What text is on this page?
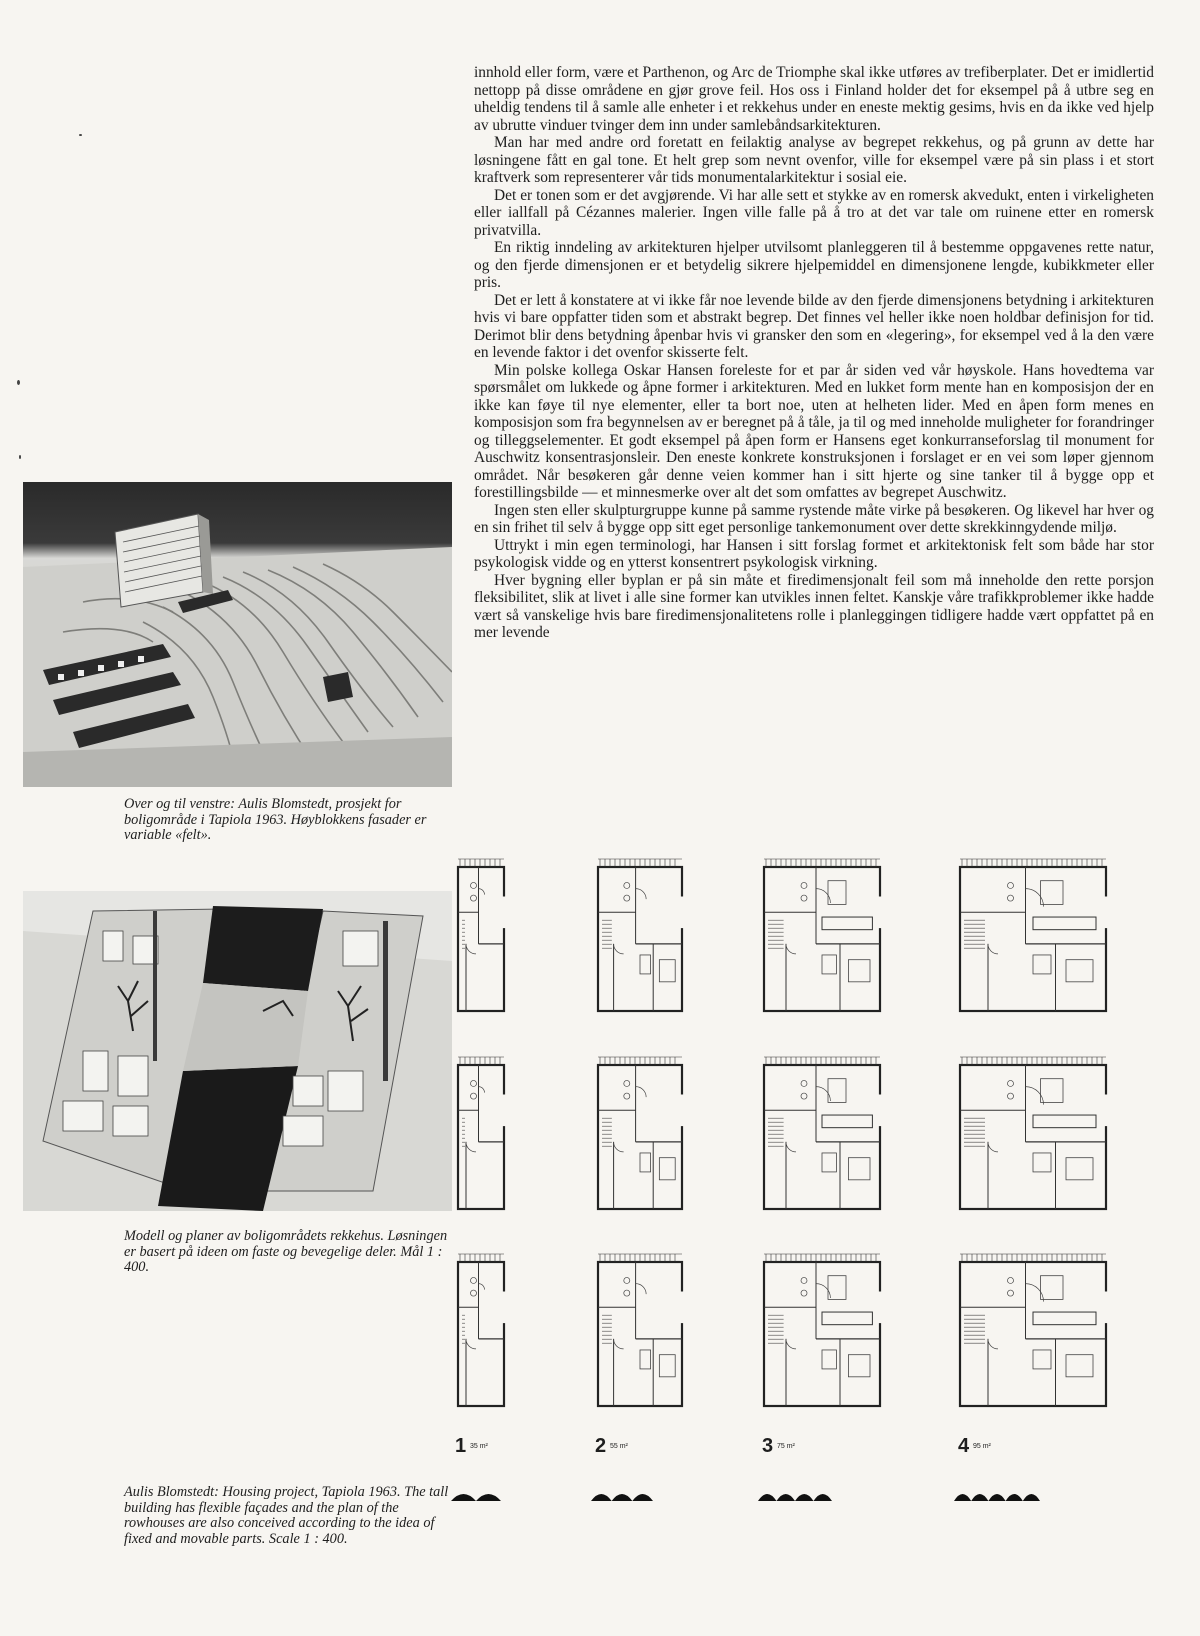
innhold eller form, være et Parthenon, og Arc de Triomphe skal ikke utføres av trefiberplater. Det er imidlertid nettopp på disse områdene en gjør grove feil. Hos oss i Finland holder det for eksempel på å utbre seg en uheldig tendens til å samle alle enheter i et rekkehus under en eneste mektig gesims, hvis en da ikke ved hjelp av ubrutte vinduer tvinger dem inn under samlebåndsarkitekturen.

Man har med andre ord foretatt en feilaktig analyse av begrepet rekkehus, og på grunn av dette har løsningene fått en gal tone. Et helt grep som nevnt ovenfor, ville for eksempel være på sin plass i et stort kraftverk som representerer vår tids monumentalarkitektur i sosial eie.

Det er tonen som er det avgjørende. Vi har alle sett et stykke av en romersk akvedukt, enten i virkeligheten eller iallfall på Cézannes malerier. Ingen ville falle på å tro at det var tale om ruinene etter en romersk privatvilla.

En riktig inndeling av arkitekturen hjelper utvilsomt planleggeren til å bestemme oppgavenes rette natur, og den fjerde dimensjonen er et betydelig sikrere hjelpemiddel en dimensjonene lengde, kubikkmeter eller pris.

Det er lett å konstatere at vi ikke får noe levende bilde av den fjerde dimensjonens betydning i arkitekturen hvis vi bare oppfatter tiden som et abstrakt begrep. Det finnes vel heller ikke noen holdbar definisjon for tid. Derimot blir dens betydning åpenbar hvis vi gransker den som en «legering», for eksempel ved å la den være en levende faktor i det ovenfor skisserte felt.

Min polske kollega Oskar Hansen foreleste for et par år siden ved vår høyskole. Hans hovedtema var spørsmålet om lukkede og åpne former i arkitekturen. Med en lukket form mente han en komposisjon der en ikke kan føye til nye elementer, eller ta bort noe, uten at helheten lider. Med en åpen form menes en komposisjon som fra begynnelsen av er beregnet på å tåle, ja til og med inneholde muligheter for forandringer og tilleggselementer. Et godt eksempel på åpen form er Hansens eget konkurranseforslag til monument for Auschwitz konsentrasjonsleir. Den eneste konkrete konstruksjonen i forslaget er en vei som løper gjennom området. Når besøkeren går denne veien kommer han i sitt hjerte og sine tanker til å bygge opp et forestillingsbilde — et minnesmerke over alt det som omfattes av begrepet Auschwitz.

Ingen sten eller skulpturgruppe kunne på samme rystende måte virke på besøkeren. Og likevel har hver og en sin frihet til selv å bygge opp sitt eget personlige tankemonument over dette skrekkinngydende miljø.

Uttrykt i min egen terminologi, har Hansen i sitt forslag formet et arkitektonisk felt som både har stor psykologisk vidde og en ytterst konsentrert psykologisk virkning.

Hver bygning eller byplan er på sin måte et firedimensjonalt feil som må inneholde den rette porsjon fleksibilitet, slik at livet i alle sine former kan utvikles innen feltet. Kanskje våre trafikkproblemer ikke hadde vært så vanskelige hvis bare firedimensjonalitetens rolle i planleggingen tidligere hadde vært oppfattet på en mer levende

Over og til venstre: Aulis Blomstedt, prosjekt for boligområde i Tapiola 1963. Høyblokkens fasader er variable «felt».
Modell og planer av boligområdets rekkehus. Løsningen er basert på ideen om faste og bevegelige deler. Mål 1 : 400.
Aulis Blomstedt: Housing project, Tapiola 1963. The tall building has flexible façades and the plan of the rowhouses are also conceived according to the idea of fixed and movable parts. Scale 1 : 400.
1 35 m²	2 55 m²	3 75 m²	4 95 m²
